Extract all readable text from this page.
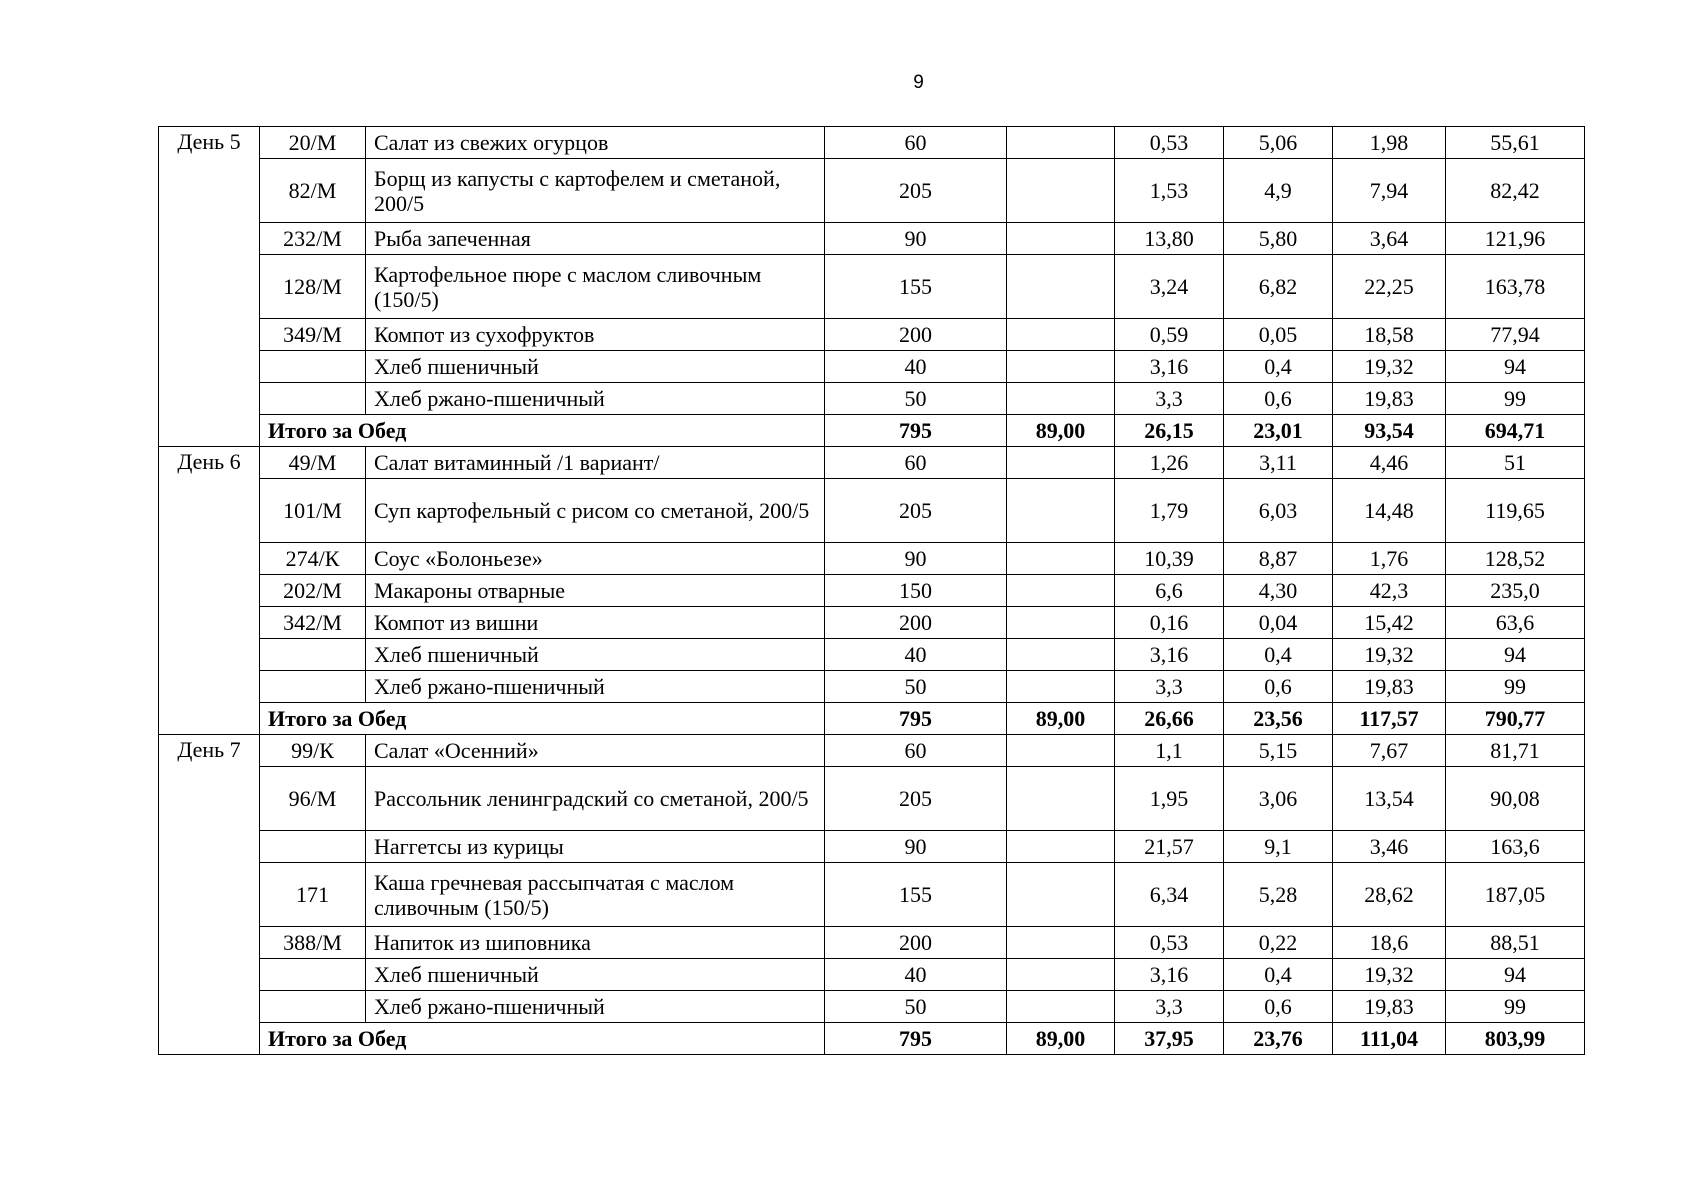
9
День 5	20/М	Салат из свежих огурцов	60		0,53	5,06	1,98	55,61
	82/М	Борщ из капусты с картофелем и сметаной, 200/5	205		1,53	4,9	7,94	82,42
	232/М	Рыба запеченная	90		13,80	5,80	3,64	121,96
	128/М	Картофельное пюре с маслом сливочным (150/5)	155		3,24	6,82	22,25	163,78
	349/М	Компот из сухофруктов	200		0,59	0,05	18,58	77,94
		Хлеб пшеничный	40		3,16	0,4	19,32	94
		Хлеб ржано-пшеничный	50		3,3	0,6	19,83	99
	Итого за Обед		795	89,00	26,15	23,01	93,54	694,71
День 6	49/М	Салат витаминный /1 вариант/	60		1,26	3,11	4,46	51
	101/М	Суп картофельный с рисом со сметаной, 200/5	205		1,79	6,03	14,48	119,65
	274/К	Соус «Болоньезе»	90		10,39	8,87	1,76	128,52
	202/М	Макароны отварные	150		6,6	4,30	42,3	235,0
	342/М	Компот из вишни	200		0,16	0,04	15,42	63,6
		Хлеб пшеничный	40		3,16	0,4	19,32	94
		Хлеб ржано-пшеничный	50		3,3	0,6	19,83	99
	Итого за Обед		795	89,00	26,66	23,56	117,57	790,77
День 7	99/К	Салат «Осенний»	60		1,1	5,15	7,67	81,71
	96/М	Рассольник ленинградский со сметаной, 200/5	205		1,95	3,06	13,54	90,08
		Наггетсы из курицы	90		21,57	9,1	3,46	163,6
	171	Каша гречневая рассыпчатая с маслом сливочным (150/5)	155		6,34	5,28	28,62	187,05
	388/М	Напиток из шиповника	200		0,53	0,22	18,6	88,51
		Хлеб пшеничный	40		3,16	0,4	19,32	94
		Хлеб ржано-пшеничный	50		3,3	0,6	19,83	99
	Итого за Обед		795	89,00	37,95	23,76	111,04	803,99
